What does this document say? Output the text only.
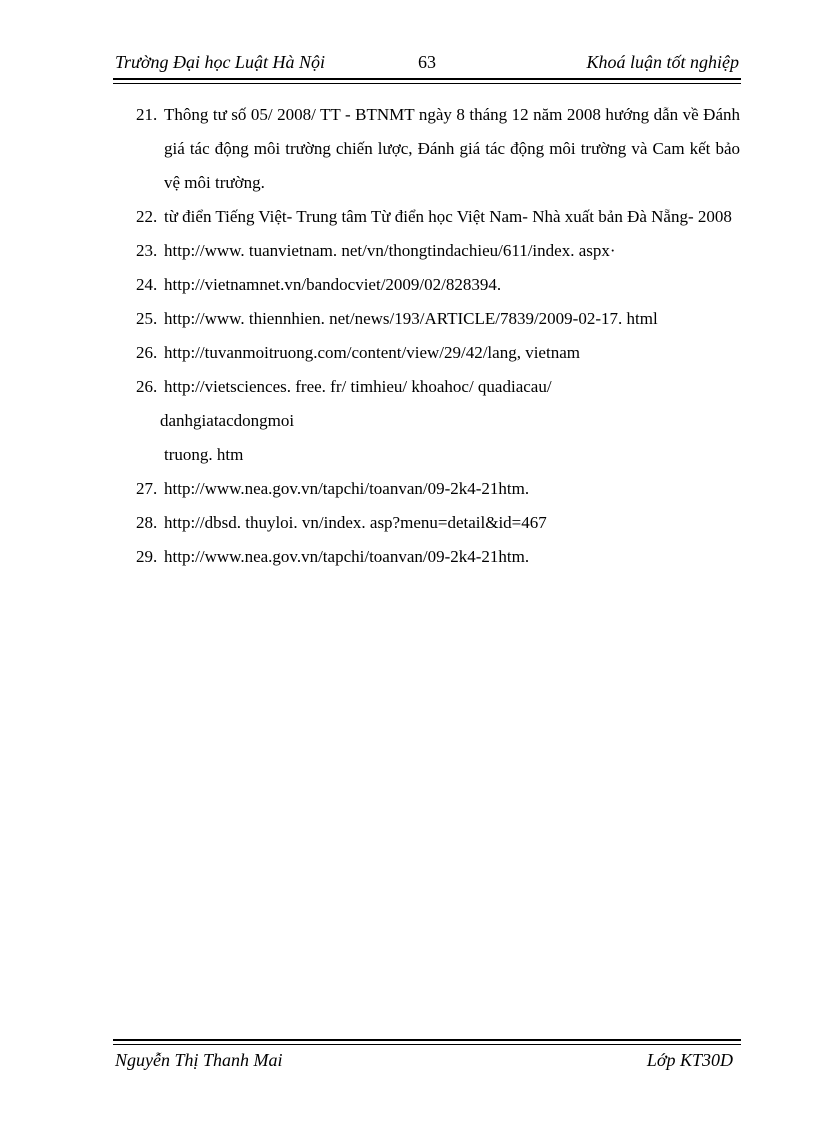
Trường Đại học Luật Hà Nội	63	Khoá luận tốt nghiệp

21. Thông tư số 05/ 2008/ TT - BTNMT ngày 8 tháng 12 năm 2008 hướng dẫn về Đánh giá tác động môi trường chiến lược, Đánh giá tác động môi trường và Cam kết bảo vệ môi trường.

22. từ điển Tiếng Việt- Trung tâm Từ điển học Việt Nam- Nhà xuất bản Đà Nẵng- 2008

23. http://www. tuanvietnam. net/vn/thongtindachieu/611/index. aspx·

24. http://vietnamnet.vn/bandocviet/2009/02/828394.

25. http://www. thiennhien. net/news/193/ARTICLE/7839/2009-02-17. html

26. http://tuvanmoitruong.com/content/view/29/42/lang, vietnam

26. http://vietsciences. free. fr/ timhieu/ khoahoc/ quadiacau/

danhgiatacdongmoi

truong. htm

27. http://www.nea.gov.vn/tapchi/toanvan/09-2k4-21htm.

28. http://dbsd. thuyloi. vn/index. asp?menu=detail&id=467

29. http://www.nea.gov.vn/tapchi/toanvan/09-2k4-21htm.

Nguyễn Thị Thanh Mai	Lớp KT30D
